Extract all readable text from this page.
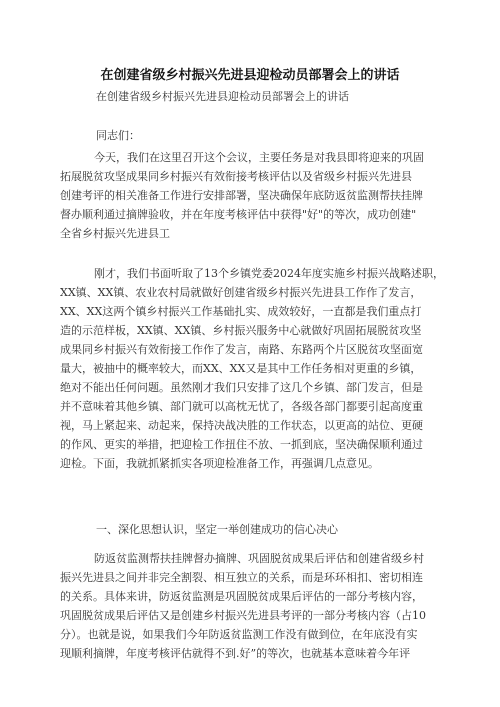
在创建省级乡村振兴先进县迎检动员部署会上的讲话
在创建省级乡村振兴先进县迎检动员部署会上的讲话
同志们：
今天，我们在这里召开这个会议，主要任务是对我县即将迎来的巩固
拓展脱贫攻坚成果同乡村振兴有效衔接考核评估以及省级乡村振兴先进县
创建考评的相关准备工作进行安排部署，坚决确保年底防返贫监测帮扶挂牌
督办顺利通过摘牌验收，并在年度考核评估中获得"好"的等次，成功创建"
全省乡村振兴先进县工
刚才，我们书面听取了13个乡镇党委2024年度实施乡村振兴战略述职，
XX镇、XX镇、农业农村局就做好创建省级乡村振兴先进县工作作了发言，
XX、XX这两个镇乡村振兴工作基础扎实、成效较好，一直都是我们重点打
造的示范样板，XX镇、XX镇、乡村振兴服务中心就做好巩固拓展脱贫攻坚
成果同乡村振兴有效衔接工作作了发言，南路、东路两个片区脱贫攻坚面宽
量大，被抽中的概率较大，而XX、XX又是其中工作任务相对更重的乡镇，
绝对不能出任何问题。虽然刚才我们只安排了这几个乡镇、部门发言，但是
并不意味着其他乡镇、部门就可以高枕无忧了，各级各部门都要引起高度重
视，马上紧起来、动起来，保持决战决胜的工作状态，以更高的站位、更硬
的作风、更实的举措，把迎检工作扭住不放、一抓到底，坚决确保顺利通过
迎检。下面，我就抓紧抓实各项迎检准备工作，再强调几点意见。
一、深化思想认识，坚定一举创建成功的信心决心
防返贫监测帮扶挂牌督办摘牌、巩固脱贫成果后评估和创建省级乡村
振兴先进县之间并非完全割裂、相互独立的关系，而是环环相扣、密切相连
的关系。具体来讲，防返贫监测是巩固脱贫成果后评估的一部分考核内容，
巩固脱贫成果后评估又是创建乡村振兴先进县考评的一部分考核内容（占10
分）。也就是说，如果我们今年防返贫监测工作没有做到位，在年底没有实
现顺利摘牌，年度考核评估就得不到.好”的等次，也就基本意味着今年评
